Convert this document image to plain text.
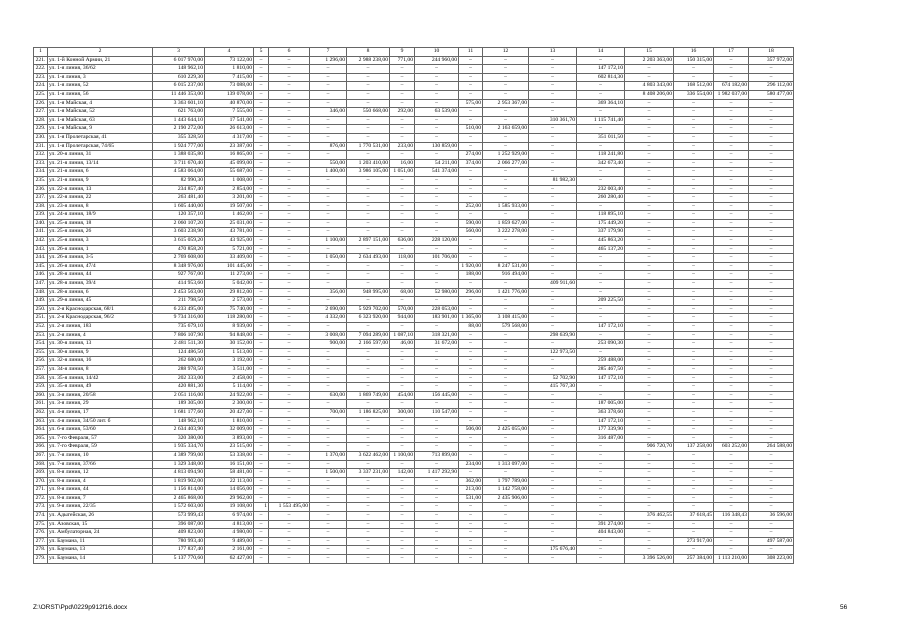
1	2	3	4	5	6	7	8	9	10	11	12	13	14	15	16	17	18
221.	ул. 1-й Конной Армии, 21	6 017 970,00	73 122,00	–	–	1 296,00	2 988 238,00	771,00	244 960,00	–	–	–	–	2 203 363,00	150 315,00	–	357 972,00
222.	ул. 1-я линия, 36/62	148 962,10	1 810,00	–	–	–	–	–	–	–	–	–	147 172,10	–	–	–	–
223.	ул. 1-я линия, 3	610 229,30	7 415,00	–	–	–	–	–	–	–	–	–	602 814,30	–	–	–	–
224.	ул. 1-я линия, 52	6 015 237,00	73 088,00	–	–	–	–	–	–	–	–	–	–	4 803 343,00	168 512,00	674 182,00	296 112,00
225.	ул. 1-я линия, 56	11 446 353,00	139 078,00	–	–	–	–	–	–	–	–	–	–	8 408 206,00	336 554,00	1 982 037,00	580 477,00
226.	ул. 1-я Майская, 4	3 363 601,10	40 870,00	–	–	–	–	–	–	575,00	2 953 367,00	–	369 364,10	–	–	–	–
227.	ул. 1-я Майская, 52	621 763,00	7 555,00	–	–	346,00	550 668,00	292,00	63 539,00	–	–	–	–	–	–	–	–
228.	ул. 1-я Майская, 63	1 443 644,10	17 541,00	–	–	–	–	–	–	–	–	310 361,70	1 115 741,40	–	–	–	–
229.	ул. 1-я Майская, 9	2 190 272,00	26 613,00	–	–	–	–	–	–	510,00	2 163 659,00	–	–	–	–	–	–
230.	ул. 1-я Пролетарская, 41	355 328,50	4 317,00	–	–	–	–	–	–	–	–	–	351 011,50	–	–	–	–
231.	ул. 1-я Пролетарская, 74/65	1 924 777,00	23 387,00	–	–	876,00	1 770 531,00	233,00	130 859,00	–	–	–	–	–	–	–	–
232.	ул. 20-я линия, 31	1 388 035,80	16 865,00	–	–	–	–	–	–	274,00	1 252 929,00	–	118 241,80	–	–	–	–
233.	ул. 21-я линия, 13/14	3 711 670,40	45 099,00	–	–	550,00	1 203 410,00	16,00	54 211,00	374,00	2 066 277,00	–	342 673,40	–	–	–	–
234.	ул. 21-я линия, 6	4 583 064,00	55 687,00	–	–	1 400,00	3 986 105,00	1 051,00	541 374,00	–	–	–	–	–	–	–	–
235.	ул. 21-я линия, 9	82 990,30	1 008,00	–	–	–	–	–	–	–	–	81 982,30	–	–	–	–	–
236.	ул. 22-я линия, 13	234 857,40	2 854,00	–	–	–	–	–	–	–	–	–	232 003,40	–	–	–	–
237.	ул. 22-я линия, 22	263 481,40	3 201,00	–	–	–	–	–	–	–	–	–	260 280,40	–	–	–	–
238.	ул. 23-я линия, 8	1 605 440,00	19 507,00	–	–	–	–	–	–	252,00	1 585 933,00	–	–	–	–	–	–
239.	ул. 24-я линия, 18/9	120 357,10	1 462,00	–	–	–	–	–	–	–	–	–	118 895,10	–	–	–	–
240.	ул. 25-я линия, 18	2 060 107,20	25 031,00	–	–	–	–	–	–	590,00	1 859 627,00	–	175 449,20	–	–	–	–
241.	ул. 25-я линия, 26	3 603 238,90	43 781,00	–	–	–	–	–	–	560,00	3 222 278,00	–	337 179,90	–	–	–	–
242.	ул. 25-я линия, 3	3 615 059,20	43 925,00	–	–	1 100,00	2 897 151,00	636,00	228 120,00	–	–	–	445 863,20	–	–	–	–
243.	ул. 26-я линия, 1	470 858,20	5 721,00	–	–	–	–	–	–	–	–	–	465 137,20	–	–	–	–
244.	ул. 26-я линия, 3-5	2 769 608,00	33 409,00	–	–	1 050,00	2 634 493,00	118,00	101 706,00	–	–	–	–	–	–	–	–
245.	ул. 26-я линия, 47/4	8 348 976,00	101 445,00	–	–	–	–	–	–	1 920,00	8 247 531,00	–	–	–	–	–	–
246.	ул. 28-я линия, 44	927 767,00	11 273,00	–	–	–	–	–	–	188,00	916 494,00	–	–	–	–	–	–
247.	ул. 28-я линия, 39/4	414 953,60	5 042,00	–	–	–	–	–	–	–	–	409 911,60	–	–	–	–	–
248.	ул. 28-я линия, 6	2 453 563,00	29 812,00	–	–	356,00	948 995,00	68,00	52 980,00	296,00	1 421 776,00	–	–	–	–	–	–
249.	ул. 29-я линия, 45	211 798,50	2 573,00	–	–	–	–	–	–	–	–	–	209 225,50	–	–	–	–
250.	ул. 2-я Краснодарская, 68/1	6 233 495,00	75 740,00	–	–	2 690,00	5 929 702,00	570,00	228 053,00	–	–	–	–	–	–	–	–
251.	ул. 2-я Краснодарская, 96/2	9 734 316,00	118 280,00	–	–	4 332,00	6 323 920,00	944,00	183 901,00	1 365,00	3 108 415,00	–	–	–	–	–	–
252.	ул. 2-я линия, 183	735 679,10	8 939,00	–	–	–	–	–	–	88,00	579 568,00	–	147 172,10	–	–	–	–
253.	ул. 2-я линия, 4	7 806 107,90	94 848,00	–	–	3 008,00	7 094 289,00	1 087,10	318 321,00	–	–	298 639,90	–	–	–	–	–
254.	ул. 30-я линия, 13	2 481 511,30	30 152,00	–	–	900,00	2 166 597,00	46,00	31 672,00	–	–	–	253 090,30	–	–	–	–
255.	ул. 30-я линия, 9	124 486,50	1 513,00	–	–	–	–	–	–	–	–	122 973,50	–	–	–	–	–
256.	ул. 32-я линия, 16	262 680,00	3 192,00	–	–	–	–	–	–	–	–	–	259 488,00	–	–	–	–
257.	ул. 34-я линия, 8	288 978,50	3 511,00	–	–	–	–	–	–	–	–	–	285 467,50	–	–	–	–
258.	ул. 35-я линия, 14/42	202 333,00	2 458,00	–	–	–	–	–	–	–	–	52 702,90	147 172,10	–	–	–	–
259.	ул. 35-я линия, 49	420 881,30	5 114,00	–	–	–	–	–	–	–	–	415 767,30	–	–	–	–	–
260.	ул. 3-я линия, 20/58	2 051 116,00	24 922,00	–	–	630,00	1 869 749,00	454,00	156 445,00	–	–	–	–	–	–	–	–
261.	ул. 3-я линия, 29	189 305,00	2 300,00	–	–	–	–	–	–	–	–	–	187 005,00	–	–	–	–
262.	ул. 4-я линия, 17	1 681 177,60	20 427,00	–	–	700,00	1 186 825,00	300,00	110 547,00	–	–	–	363 378,60	–	–	–	–
263.	ул. 4-я линия, 34/50 лит. б	148 962,10	1 810,00	–	–	–	–	–	–	–	–	–	147 172,10	–	–	–	–
264.	ул. 6-я линия, 53/60	2 634 403,90	32 009,00	–	–	–	–	–	–	506,00	2 425 055,00	–	177 339,90	–	–	–	–
265.	ул. 7-го Февраля, 57	320 380,00	3 893,00	–	–	–	–	–	–	–	–	–	316 487,00	–	–	–	–
266.	ул. 7-го Февраля, 59	1 935 334,70	23 515,00	–	–	–	–	–	–	–	–	–	–	906 720,70	137 258,00	603 252,00	264 588,00
267.	ул. 7-я линия, 10	4 389 799,00	53 338,00	–	–	1 370,00	3 622 462,00	1 100,00	713 899,00	–	–	–	–	–	–	–	–
268.	ул. 7-я линия, 37/66	1 329 348,00	16 151,00	–	–	–	–	–	–	234,00	1 313 097,00	–	–	–	–	–	–
269.	ул. 8-я линия, 12	4 813 094,90	58 481,00	–	–	1 500,00	3 337 231,00	142,00	1 417 292,90	–	–	–	–	–	–	–	–
270.	ул. 8-я линия, 4	1 819 902,00	22 113,00	–	–	–	–	–	–	362,00	1 797 789,00	–	–	–	–	–	–
271.	ул. 8-я линия, 44	1 156 814,00	14 056,00	–	–	–	–	–	–	213,00	1 142 758,00	–	–	–	–	–	–
272.	ул. 8-я линия, 7	2 465 868,00	29 962,00	–	–	–	–	–	–	531,00	2 435 906,00	–	–	–	–	–	–
273.	ул. 9-я линия, 22/35	1 572 603,00	19 108,00	1	1 553 495,00	–	–	–	–	–	–	–	–	–	–	–	–
274.	ул. Адыгейская, 26	573 999,43	6 974,00	–	–	–	–	–	–	–	–	–	–	376 462,55	37 618,45	116 348,43	36 596,00
275.	ул. Азовская, 15	396 087,00	4 813,00	–	–	–	–	–	–	–	–	–	391 274,00	–	–	–	–
276.	ул. Амбулаторная, 24	409 823,00	4 980,00	–	–	–	–	–	–	–	–	–	404 843,00	–	–	–	–
277.	ул. Баумана, 11	780 993,40	9 489,00	–	–	–	–	–	–	–	–	–	–	–	273 917,00	–	497 587,00
278.	ул. Баумана, 13	177 837,40	2 161,00	–	–	–	–	–	–	–	–	175 676,40	–	–	–	–	–
279.	ул. Баумана, 14	5 137 770,60	62 427,00	–	–	–	–	–	–	–	–	–	–	3 396 526,00	257 384,00	1 113 210,00	308 223,00
Z:\ORST\Ppd\0229p912f16.docx	56
